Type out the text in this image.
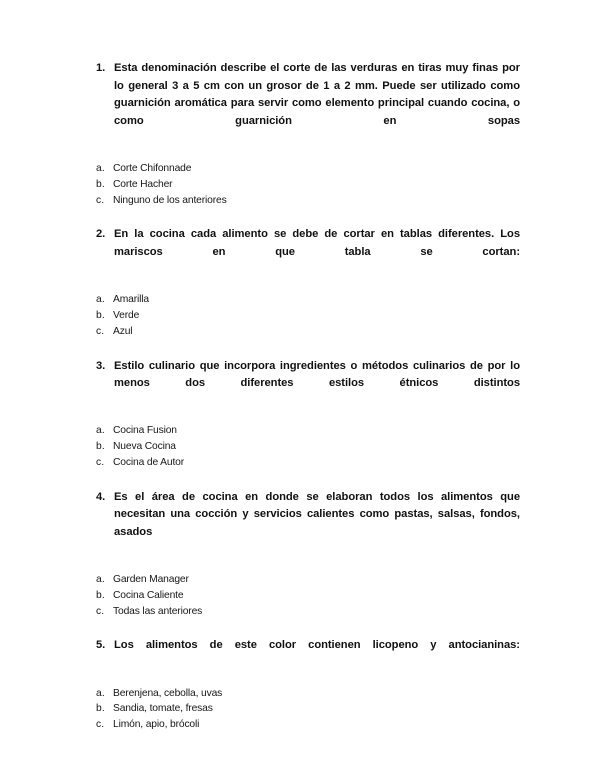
1. Esta denominación describe el corte de las verduras en tiras muy finas por lo general 3 a 5 cm con un grosor de 1 a 2 mm. Puede ser utilizado como guarnición aromática para servir como elemento principal cuando cocina, o como guarnición en sopas
a. Corte Chifonnade
b. Corte Hacher
c. Ninguno de los anteriores
2. En la cocina cada alimento se debe de cortar en tablas diferentes. Los mariscos en que tabla se cortan:
a. Amarilla
b. Verde
c. Azul
3. Estilo culinario que incorpora ingredientes o métodos culinarios de por lo menos dos diferentes estilos étnicos distintos
a. Cocina Fusion
b. Nueva Cocina
c. Cocina de Autor
4. Es el área de cocina en donde se elaboran todos los alimentos que necesitan una cocción y servicios calientes como pastas, salsas, fondos, asados
a. Garden Manager
b. Cocina Caliente
c. Todas las anteriores
5. Los alimentos de este color contienen licopeno y antocianinas:
a. Berenjena, cebolla, uvas
b. Sandia, tomate, fresas
c. Limón, apio, brócoli
